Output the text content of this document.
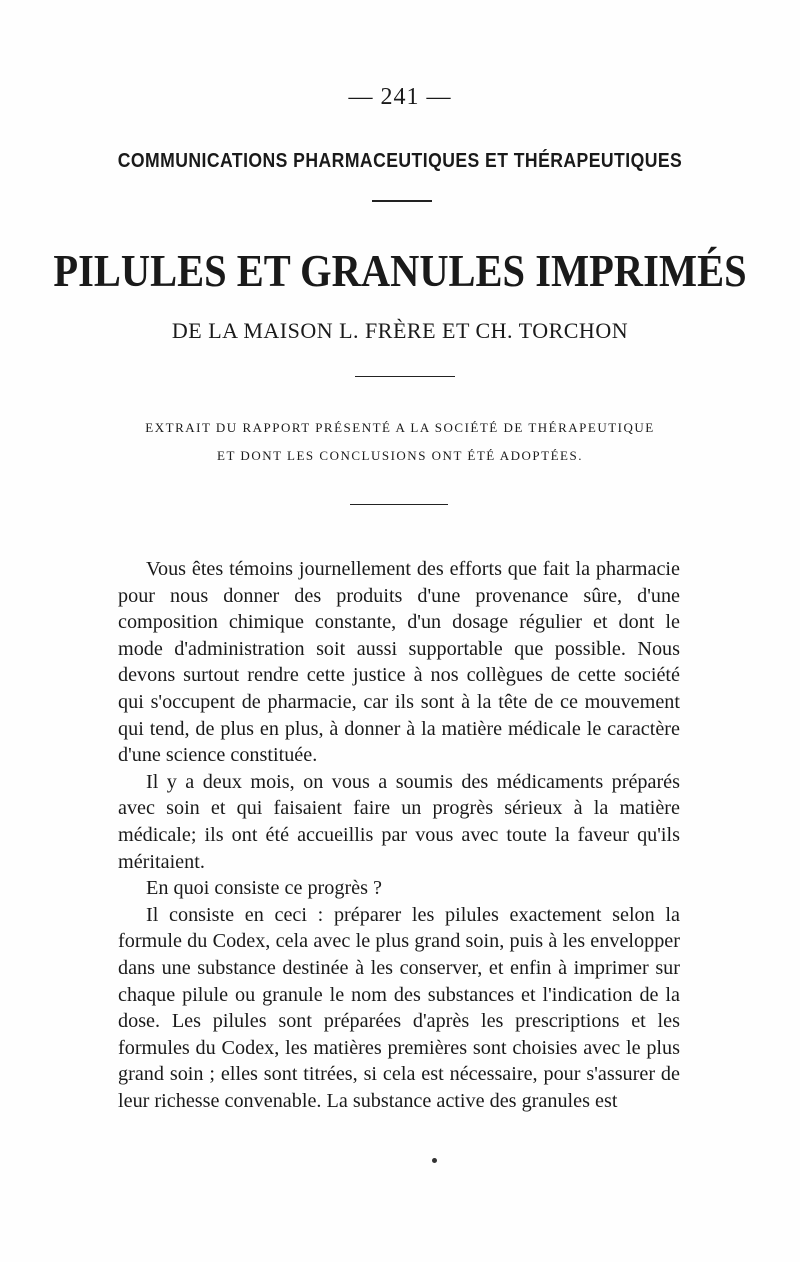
— 241 —
COMMUNICATIONS PHARMACEUTIQUES ET THÉRAPEUTIQUES
PILULES ET GRANULES IMPRIMÉS
DE LA MAISON L. FRÈRE ET CH. TORCHON
EXTRAIT DU RAPPORT PRÉSENTÉ A LA SOCIÉTÉ DE THÉRAPEUTIQUE
ET DONT LES CONCLUSIONS ONT ÉTÉ ADOPTÉES.

Vous êtes témoins journellement des efforts que fait la pharmacie pour nous donner des produits d'une provenance sûre, d'une composition chimique constante, d'un dosage régulier et dont le mode d'administration soit aussi supportable que possible. Nous devons surtout rendre cette justice à nos collègues de cette société qui s'occupent de pharmacie, car ils sont à la tête de ce mouvement qui tend, de plus en plus, à donner à la matière médicale le caractère d'une science constituée.

Il y a deux mois, on vous a soumis des médicaments préparés avec soin et qui faisaient faire un progrès sérieux à la matière médicale; ils ont été accueillis par vous avec toute la faveur qu'ils méritaient.

En quoi consiste ce progrès ?

Il consiste en ceci : préparer les pilules exactement selon la formule du Codex, cela avec le plus grand soin, puis à les envelopper dans une substance destinée à les conserver, et enfin à imprimer sur chaque pilule ou granule le nom des substances et l'indication de la dose. Les pilules sont préparées d'après les prescriptions et les formules du Codex, les matières premières sont choisies avec le plus grand soin ; elles sont titrées, si cela est nécessaire, pour s'assurer de leur richesse convenable. La substance active des granules est
